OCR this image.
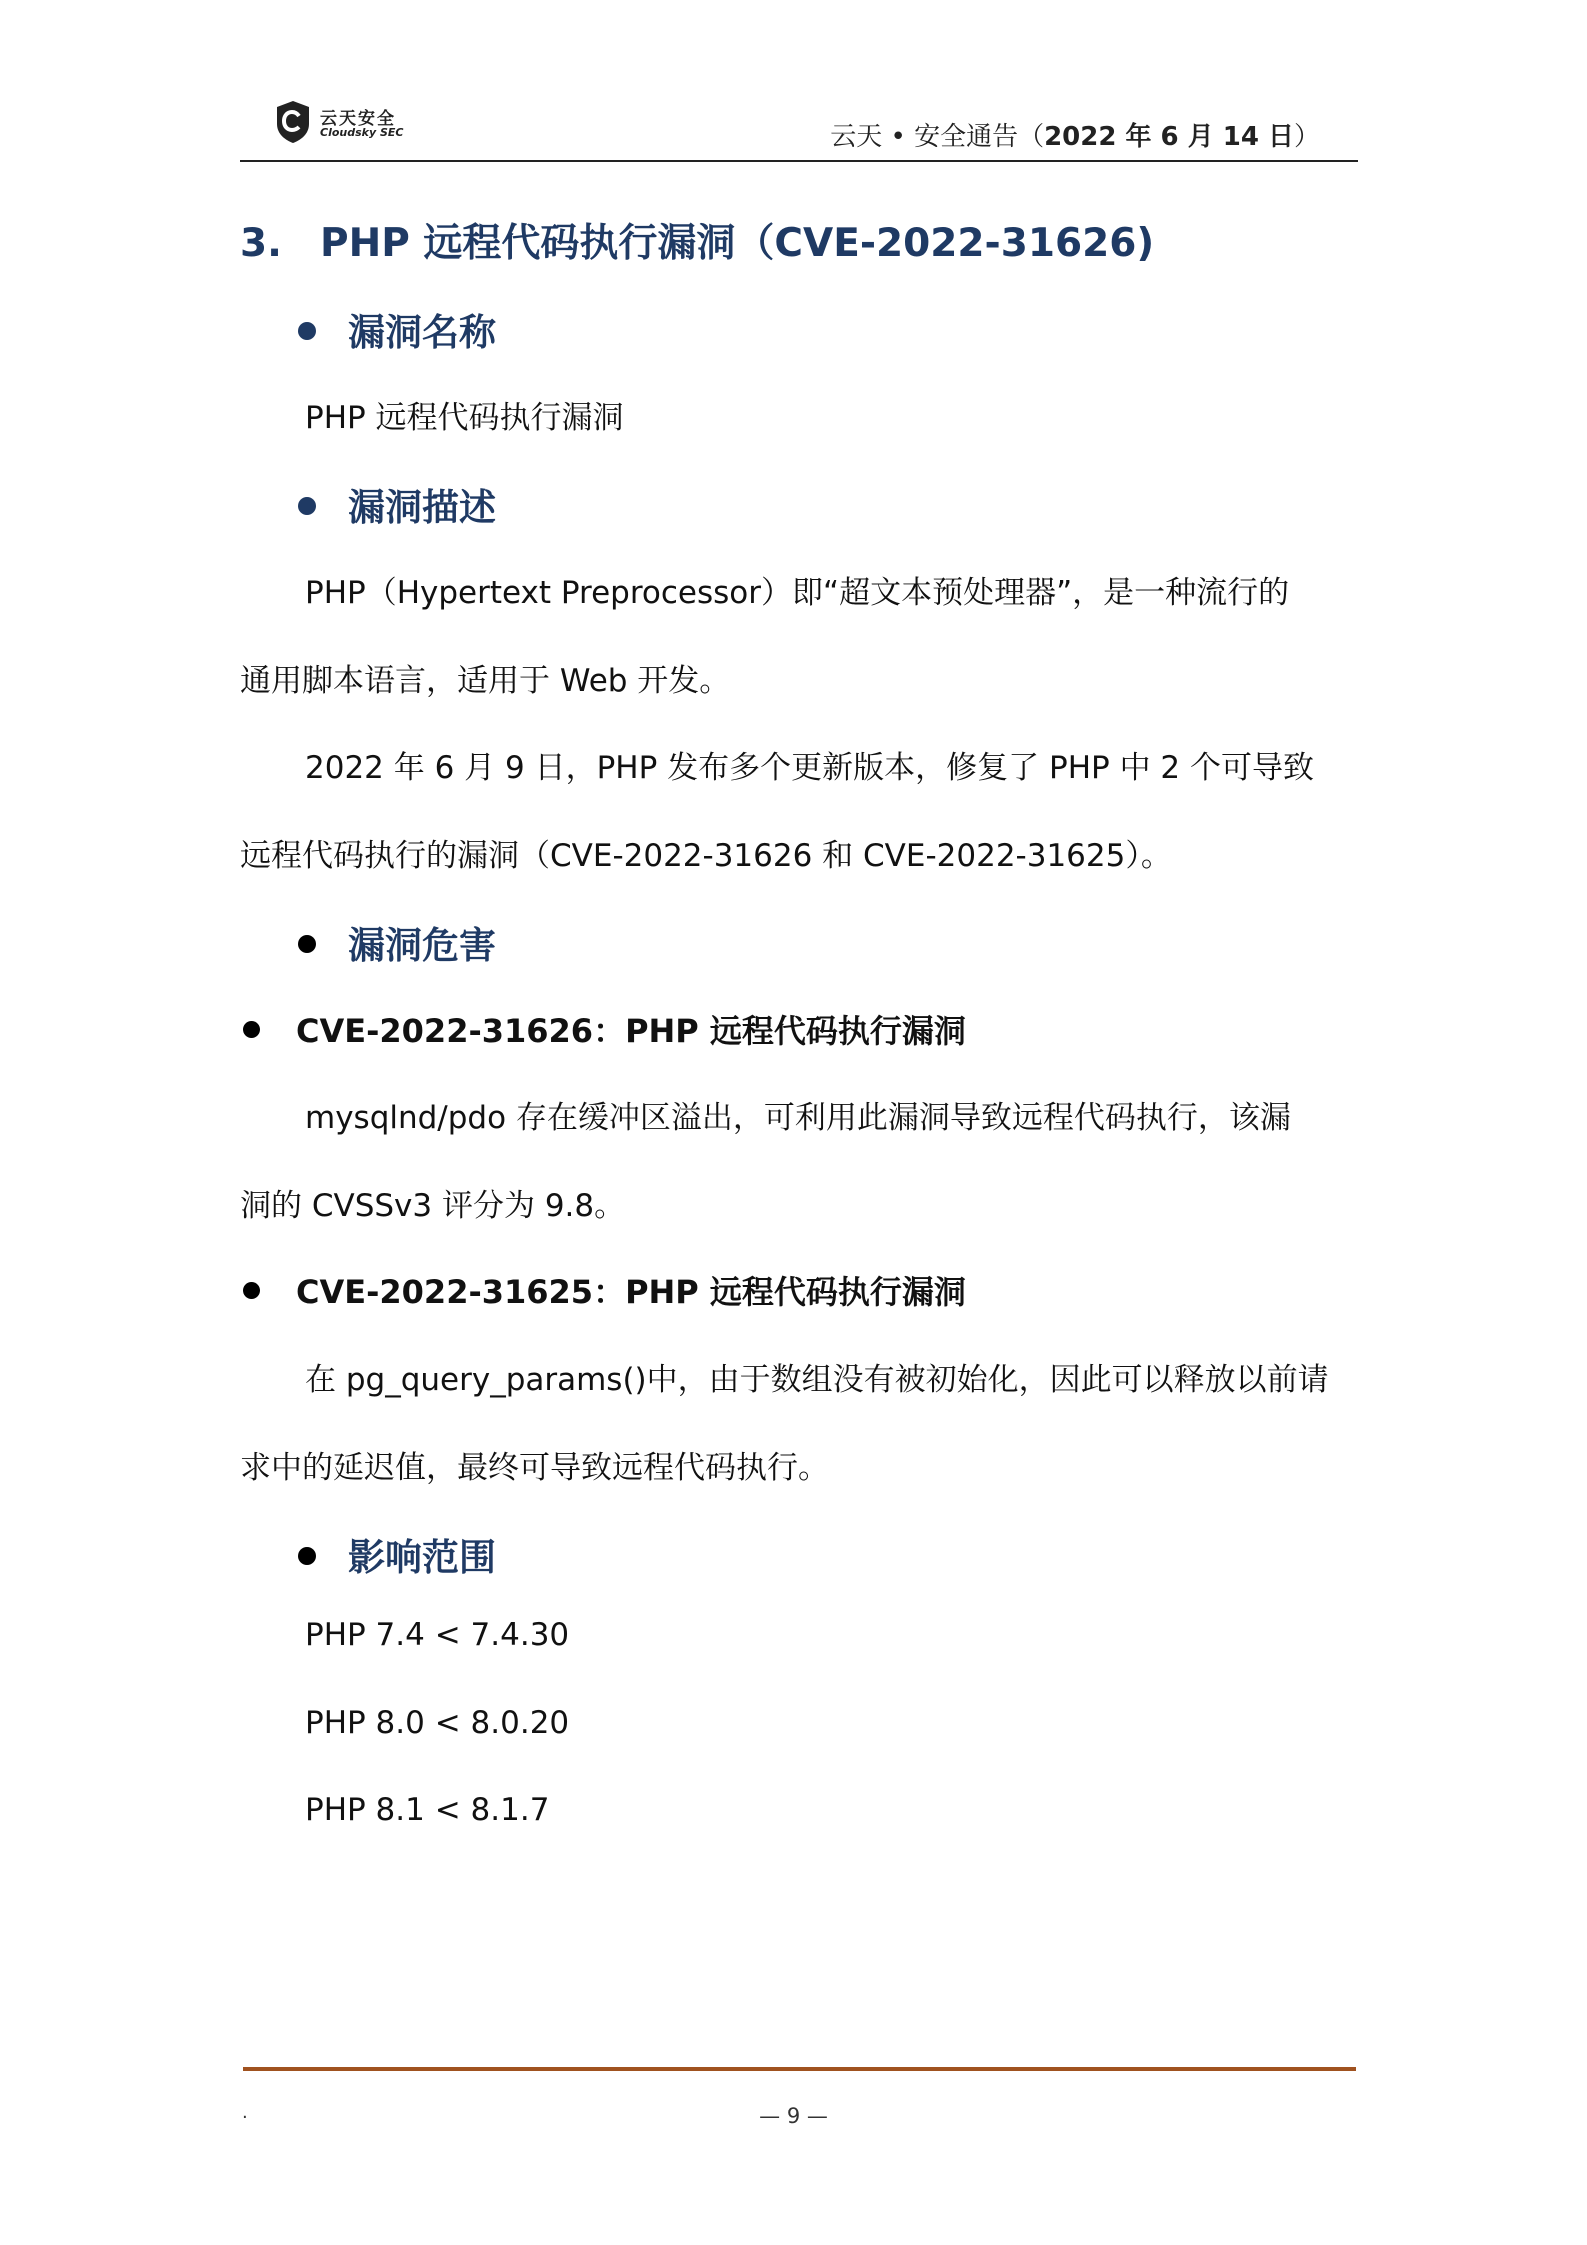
云天安全
Cloudsky SEC	云天 • 安全通告（2022 年 6 月 14 日）
3. PHP 远程代码执行漏洞（CVE-2022-31626)
漏洞名称
PHP 远程代码执行漏洞
漏洞描述
PHP（Hypertext Preprocessor）即“超文本预处理器”，是一种流行的
通用脚本语言，适用于 Web 开发。
2022 年 6 月 9 日，PHP 发布多个更新版本，修复了 PHP 中 2 个可导致
远程代码执行的漏洞（CVE-2022-31626 和 CVE-2022-31625）。
漏洞危害
CVE-2022-31626：PHP 远程代码执行漏洞
mysqlnd/pdo 存在缓冲区溢出，可利用此漏洞导致远程代码执行，该漏
洞的 CVSSv3 评分为 9.8。
CVE-2022-31625：PHP 远程代码执行漏洞
在 pg_query_params()中，由于数组没有被初始化，因此可以释放以前请
求中的延迟值，最终可导致远程代码执行。
影响范围
PHP 7.4 < 7.4.30
PHP 8.0 < 8.0.20
PHP 8.1 < 8.1.7
.	— 9 —
